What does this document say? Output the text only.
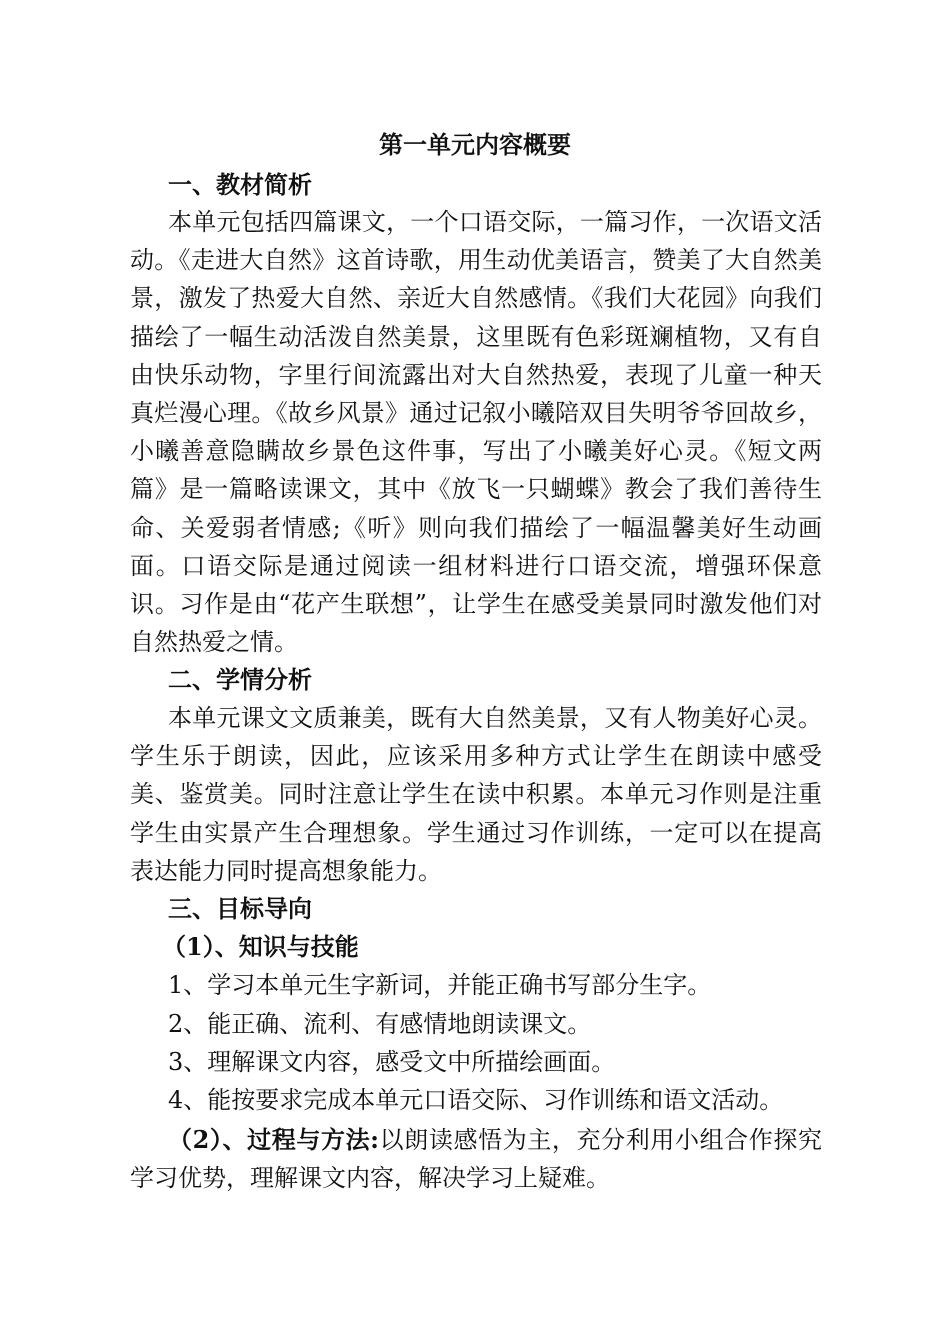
第一单元内容概要
一、教材简析

本单元包括四篇课文，一个口语交际，一篇习作，一次语文活动。《走进大自然》这首诗歌，用生动优美语言，赞美了大自然美景，激发了热爱大自然、亲近大自然感情。《我们大花园》向我们描绘了一幅生动活泼自然美景，这里既有色彩斑斓植物，又有自由快乐动物，字里行间流露出对大自然热爱，表现了儿童一种天真烂漫心理。《故乡风景》通过记叙小曦陪双目失明爷爷回故乡，小曦善意隐瞒故乡景色这件事，写出了小曦美好心灵。《短文两篇》是一篇略读课文，其中《放飞一只蝴蝶》教会了我们善待生命、关爱弱者情感;《听》则向我们描绘了一幅温馨美好生动画面。口语交际是通过阅读一组材料进行口语交流，增强环保意识。习作是由“花产生联想”，让学生在感受美景同时激发他们对自然热爱之情。

二、学情分析

本单元课文文质兼美，既有大自然美景，又有人物美好心灵。学生乐于朗读，因此，应该采用多种方式让学生在朗读中感受美、鉴赏美。同时注意让学生在读中积累。本单元习作则是注重学生由实景产生合理想象。学生通过习作训练，一定可以在提高表达能力同时提高想象能力。

三、目标导向
（1）、知识与技能

1、学习本单元生字新词，并能正确书写部分生字。

2、能正确、流利、有感情地朗读课文。

3、理解课文内容，感受文中所描绘画面。

4、能按要求完成本单元口语交际、习作训练和语文活动。

（2）、过程与方法:以朗读感悟为主，充分利用小组合作探究学习优势，理解课文内容，解决学习上疑难。
